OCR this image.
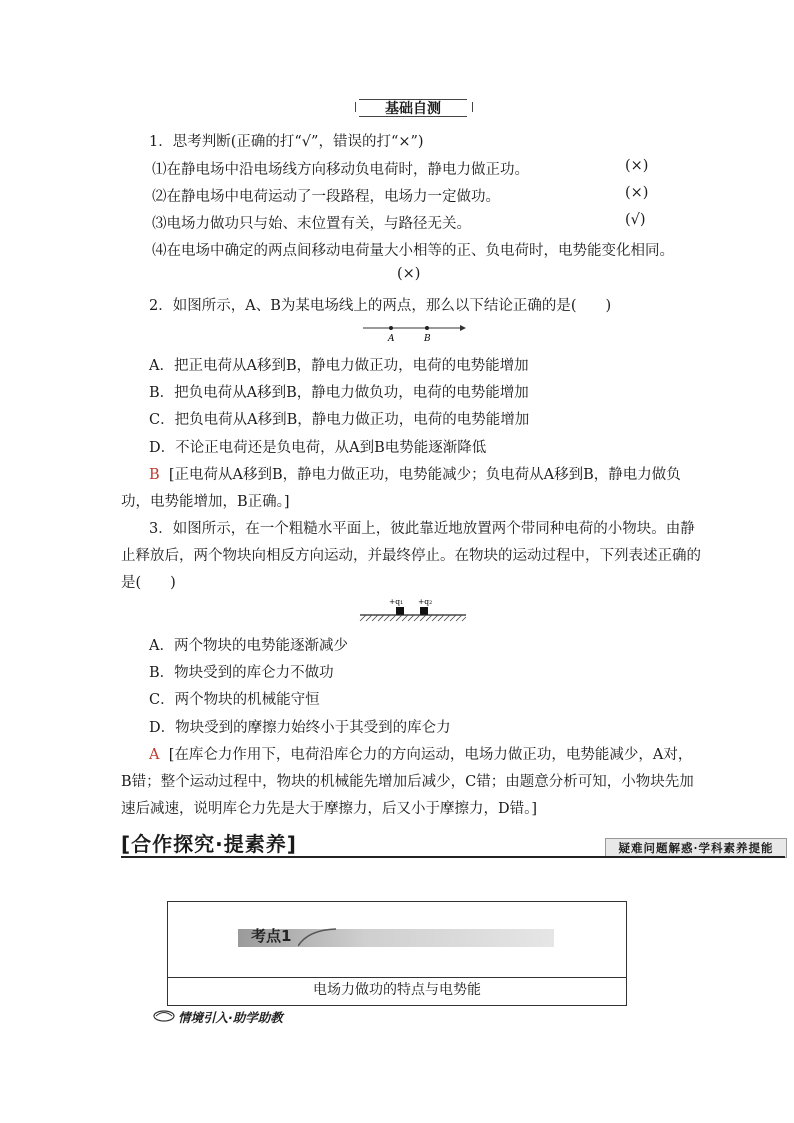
基础自测
1．思考判断(正确的打“√”，错误的打“×”)
⑴在静电场中沿电场线方向移动负电荷时，静电力做正功。	(×)
⑵在静电场中电荷运动了一段路程，电场力一定做功。	(×)
⑶电场力做功只与始、末位置有关，与路径无关。	(√)
⑷在电场中确定的两点间移动电荷量大小相等的正、负电荷时，电势能变化相同。
(×)
2．如图所示，A、B为某电场线上的两点，那么以下结论正确的是(　　)
A	B
A．把正电荷从A移到B，静电力做正功，电荷的电势能增加
B．把负电荷从A移到B，静电力做负功，电荷的电势能增加
C．把负电荷从A移到B，静电力做正功，电荷的电势能增加
D．不论正电荷还是负电荷，从A到B电势能逐渐降低
B [正电荷从A移到B，静电力做正功，电势能减少；负电荷从A移到B，静电力做负
功，电势能增加，B正确。]
3．如图所示，在一个粗糙水平面上，彼此靠近地放置两个带同种电荷的小物块。由静
止释放后，两个物块向相反方向运动，并最终停止。在物块的运动过程中，下列表述正确的
是(　　)
+q₁ +q₂
A．两个物块的电势能逐渐减少
B．物块受到的库仑力不做功
C．两个物块的机械能守恒
D．物块受到的摩擦力始终小于其受到的库仑力
A [在库仑力作用下，电荷沿库仑力的方向运动，电场力做正功，电势能减少，A对，
B错；整个运动过程中，物块的机械能先增加后减少，C错；由题意分析可知，小物块先加
速后减速，说明库仑力先是大于摩擦力，后又小于摩擦力，D错。]
[合作探究·提素养]	疑难问题解惑·学科素养提能
考点1
电场力做功的特点与电势能
情境引入·助学助教
